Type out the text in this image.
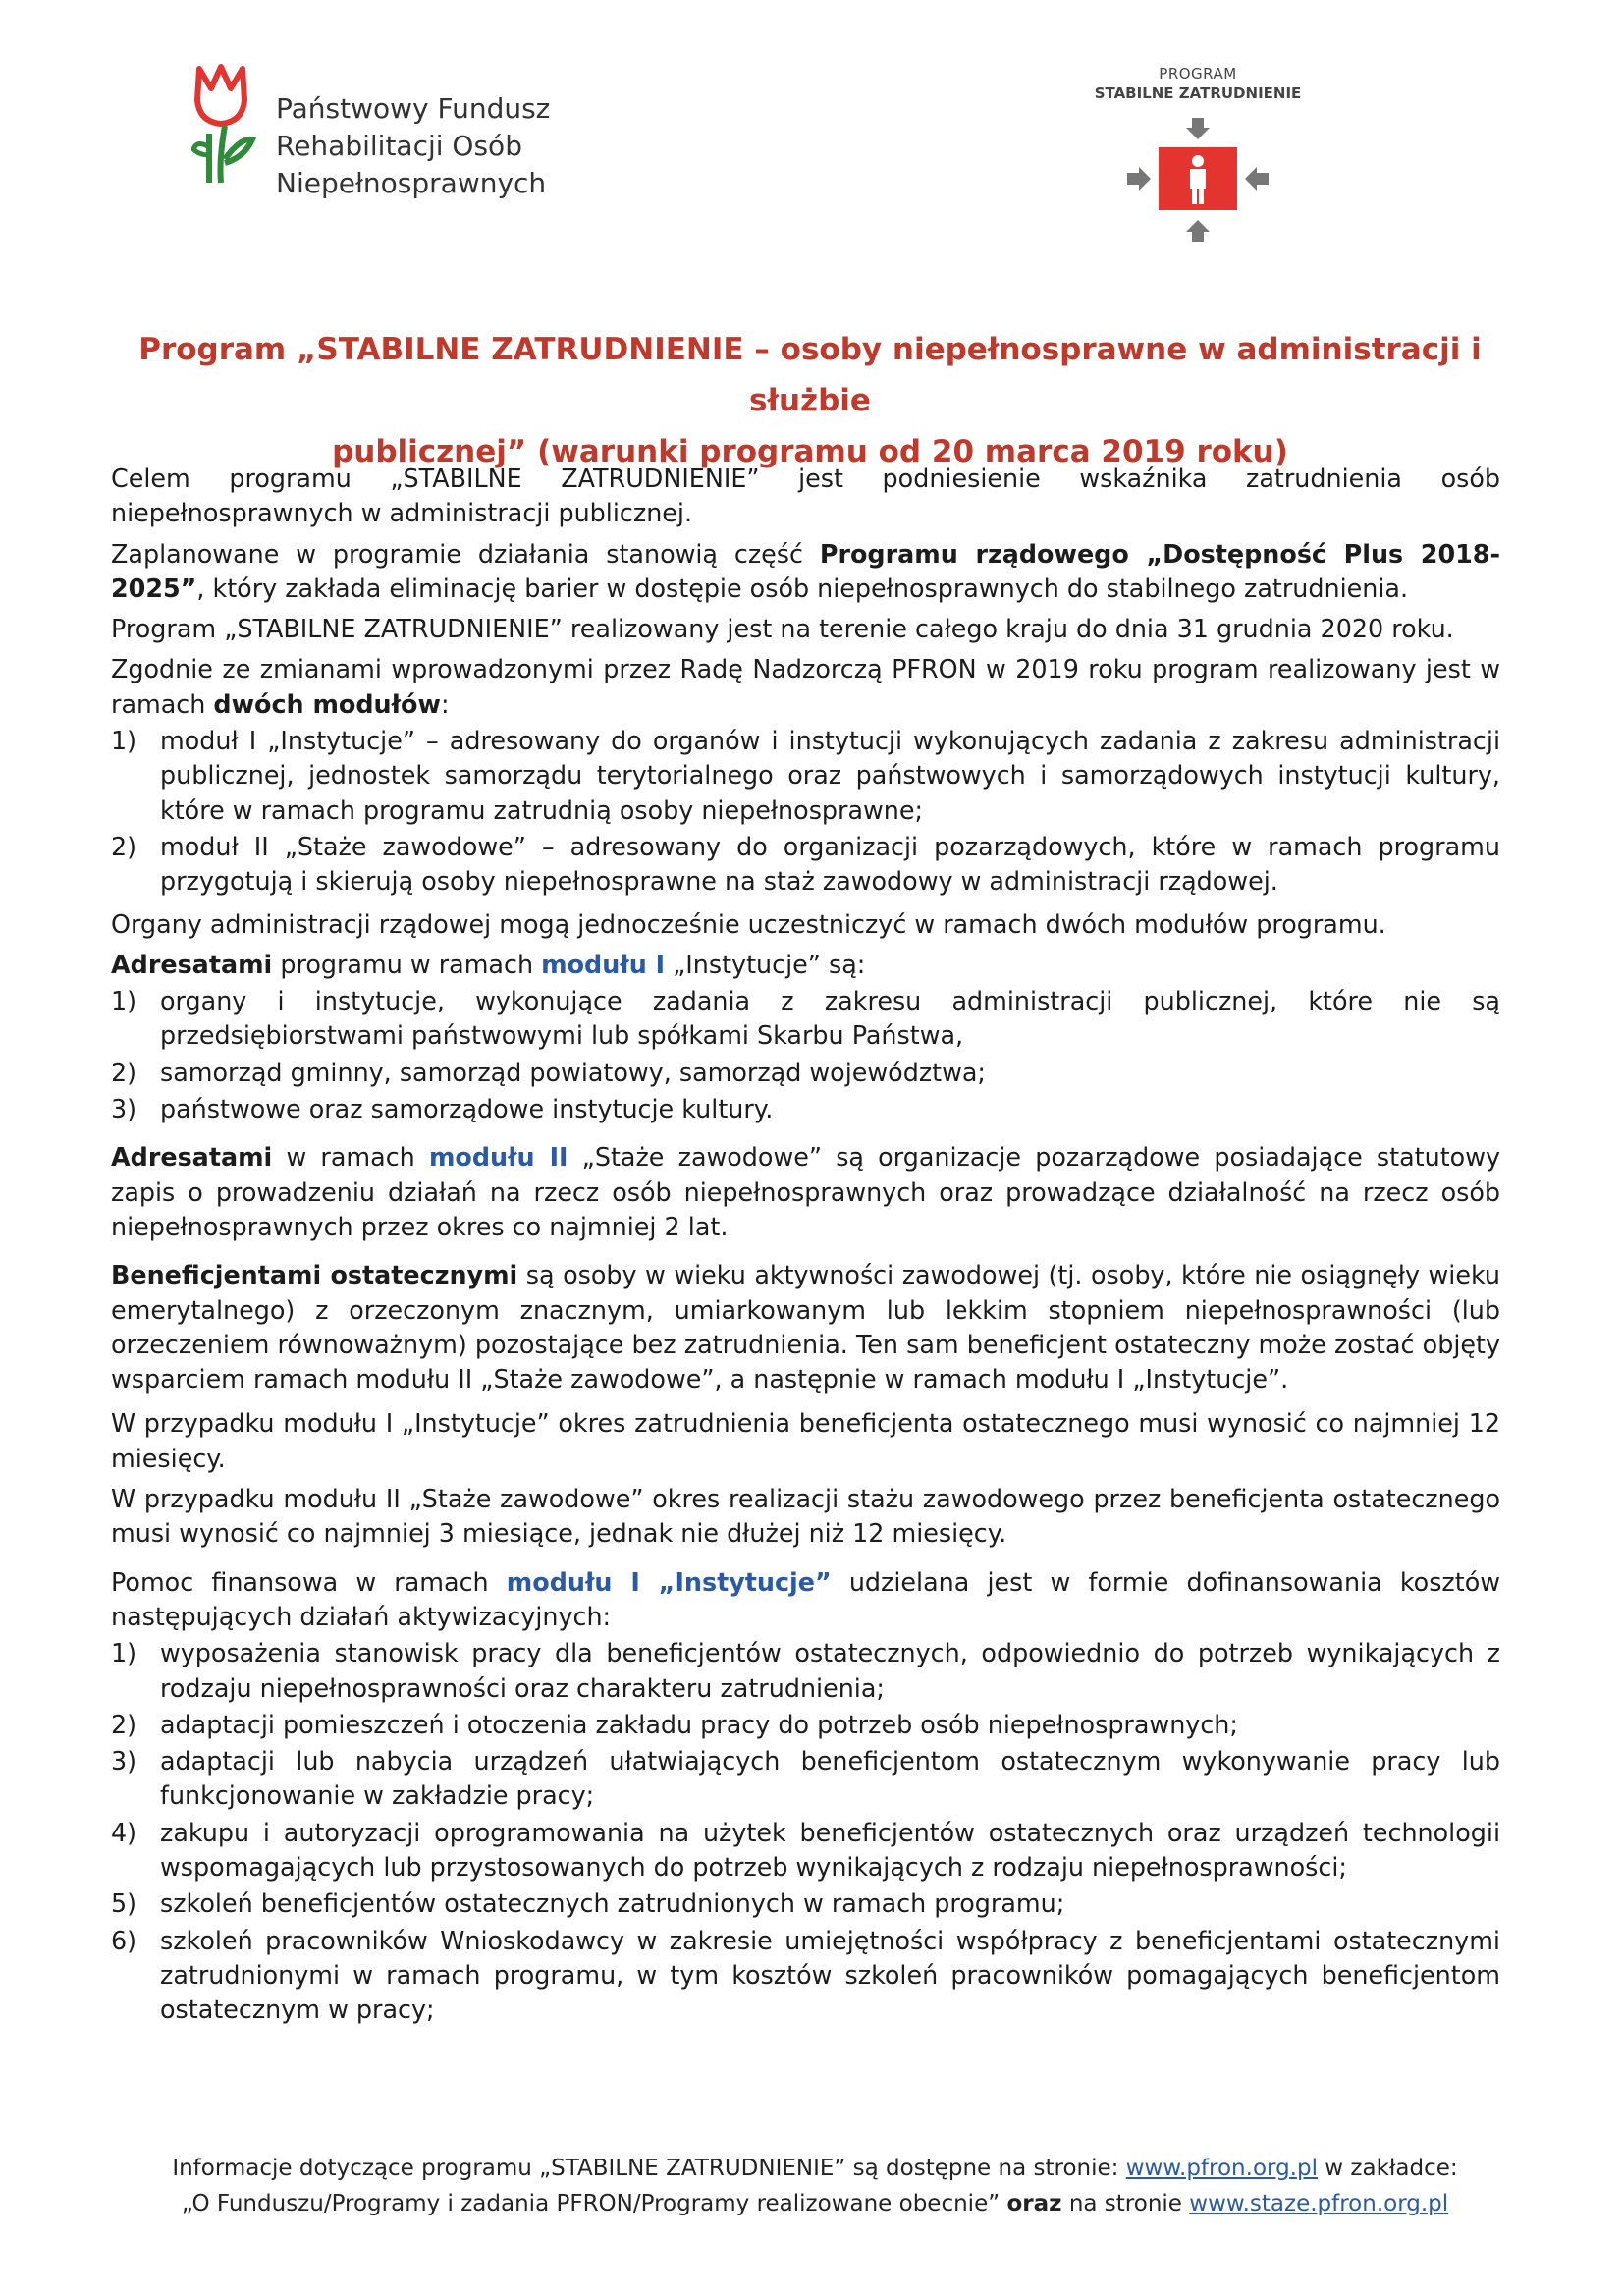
Państwowy Fundusz
Rehabilitacji Osób
Niepełnosprawnych
PROGRAM
STABILNE ZATRUDNIENIE
Program „STABILNE ZATRUDNIENIE – osoby niepełnosprawne w administracji i służbie
publicznej” (warunki programu od 20 marca 2019 roku)

Celem programu „STABILNE ZATRUDNIENIE” jest podniesienie wskaźnika zatrudnienia osób niepełnosprawnych w administracji publicznej.

Zaplanowane w programie działania stanowią część Programu rządowego „Dostępność Plus 2018-2025”, który zakłada eliminację barier w dostępie osób niepełnosprawnych do stabilnego zatrudnienia.

Program „STABILNE ZATRUDNIENIE” realizowany jest na terenie całego kraju do dnia 31 grudnia 2020 roku.

Zgodnie ze zmianami wprowadzonymi przez Radę Nadzorczą PFRON w 2019 roku program realizowany jest w ramach dwóch modułów:

1) moduł I „Instytucje” – adresowany do organów i instytucji wykonujących zadania z zakresu administracji publicznej, jednostek samorządu terytorialnego oraz państwowych i samorządowych instytucji kultury, które w ramach programu zatrudnią osoby niepełnosprawne;
2) moduł II „Staże zawodowe” – adresowany do organizacji pozarządowych, które w ramach programu przygotują i skierują osoby niepełnosprawne na staż zawodowy w administracji rządowej.

Organy administracji rządowej mogą jednocześnie uczestniczyć w ramach dwóch modułów programu.

Adresatami programu w ramach modułu I „Instytucje” są:

1) organy i instytucje, wykonujące zadania z zakresu administracji publicznej, które nie są przedsiębiorstwami państwowymi lub spółkami Skarbu Państwa,
2) samorząd gminny, samorząd powiatowy, samorząd województwa;
3) państwowe oraz samorządowe instytucje kultury.

Adresatami w ramach modułu II „Staże zawodowe” są organizacje pozarządowe posiadające statutowy zapis o prowadzeniu działań na rzecz osób niepełnosprawnych oraz prowadzące działalność na rzecz osób niepełnosprawnych przez okres co najmniej 2 lat.

Beneficjentami ostatecznymi są osoby w wieku aktywności zawodowej (tj. osoby, które nie osiągnęły wieku emerytalnego) z orzeczonym znacznym, umiarkowanym lub lekkim stopniem niepełnosprawności (lub orzeczeniem równoważnym) pozostające bez zatrudnienia. Ten sam beneficjent ostateczny może zostać objęty wsparciem ramach modułu II „Staże zawodowe”, a następnie w ramach modułu I „Instytucje”.

W przypadku modułu I „Instytucje” okres zatrudnienia beneficjenta ostatecznego musi wynosić co najmniej 12 miesięcy.

W przypadku modułu II „Staże zawodowe” okres realizacji stażu zawodowego przez beneficjenta ostatecznego musi wynosić co najmniej 3 miesiące, jednak nie dłużej niż 12 miesięcy.

Pomoc finansowa w ramach modułu I „Instytucje” udzielana jest w formie dofinansowania kosztów następujących działań aktywizacyjnych:

1) wyposażenia stanowisk pracy dla beneficjentów ostatecznych, odpowiednio do potrzeb wynikających z rodzaju niepełnosprawności oraz charakteru zatrudnienia;
2) adaptacji pomieszczeń i otoczenia zakładu pracy do potrzeb osób niepełnosprawnych;
3) adaptacji lub nabycia urządzeń ułatwiających beneficjentom ostatecznym wykonywanie pracy lub funkcjonowanie w zakładzie pracy;
4) zakupu i autoryzacji oprogramowania na użytek beneficjentów ostatecznych oraz urządzeń technologii wspomagających lub przystosowanych do potrzeb wynikających z rodzaju niepełnosprawności;
5) szkoleń beneficjentów ostatecznych zatrudnionych w ramach programu;
6) szkoleń pracowników Wnioskodawcy w zakresie umiejętności współpracy z beneficjentami ostatecznymi zatrudnionymi w ramach programu, w tym kosztów szkoleń pracowników pomagających beneficjentom ostatecznym w pracy;
Informacje dotyczące programu „STABILNE ZATRUDNIENIE” są dostępne na stronie: www.pfron.org.pl w zakładce:
„O Funduszu/Programy i zadania PFRON/Programy realizowane obecnie” oraz na stronie www.staze.pfron.org.pl
